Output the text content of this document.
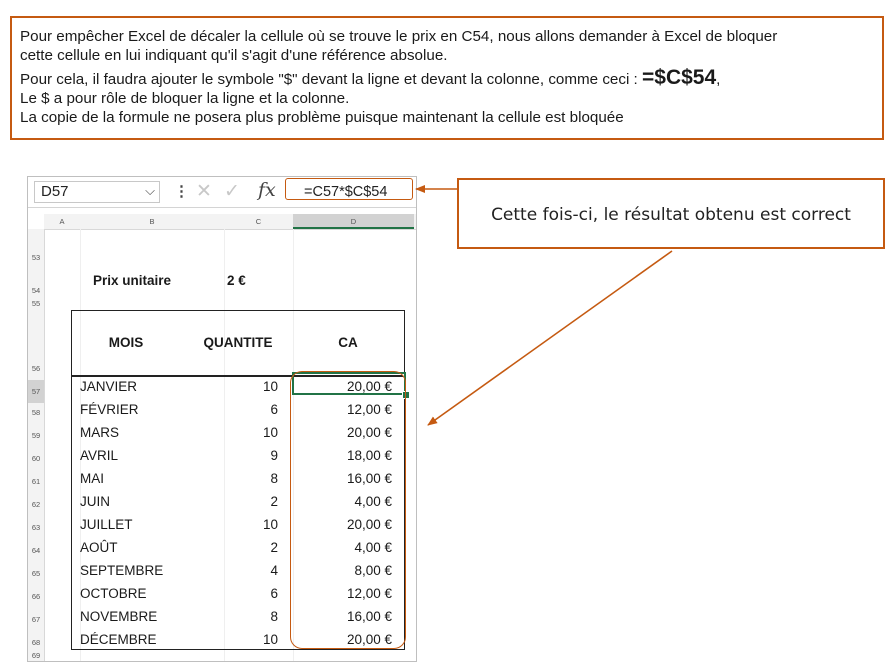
Pour empêcher Excel de décaler la cellule où se trouve le prix en C54, nous allons demander à Excel de bloquer

cette cellule en lui indiquant qu'il s'agit d'une référence absolue.

Pour cela, il faudra ajouter le symbole "$" devant la ligne et devant la colonne, comme ceci : =$C$54,

Le $ a pour rôle de bloquer la ligne et la colonne.

La copie de la formule ne posera plus problème puisque maintenant la cellule est bloquée

D57	⌵ ⋮ ✕ ✓ fx	=C57*$C$54
A	B	C	D
53
54
55
56
57
58
59
60
61
62
63
64
65
66
67
68
69
Prix unitaire	2 €
MOIS	QUANTITE	CA
JANVIER	10	20,00 €
FÉVRIER	6	12,00 €
MARS	10	20,00 €
AVRIL	9	18,00 €
MAI	8	16,00 €
JUIN	2	4,00 €
JUILLET	10	20,00 €
AOÛT	2	4,00 €
SEPTEMBRE	4	8,00 €
OCTOBRE	6	12,00 €
NOVEMBRE	8	16,00 €
DÉCEMBRE	10	20,00 €
Cette fois-ci, le résultat obtenu est correct
